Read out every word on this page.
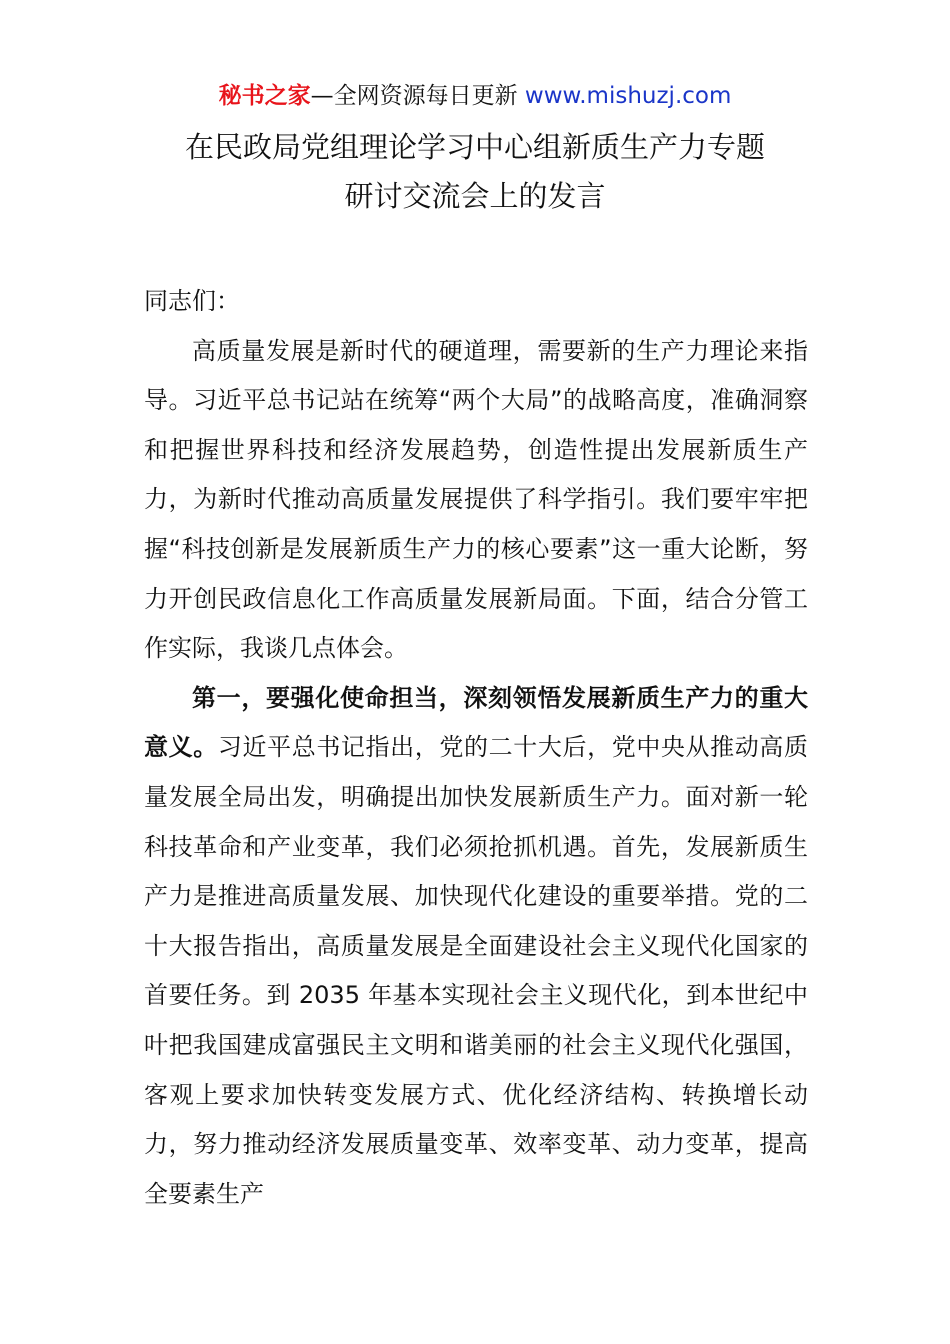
秘书之家—全网资源每日更新 www.mishuzj.com
在民政局党组理论学习中心组新质生产力专题
研讨交流会上的发言

同志们：

高质量发展是新时代的硬道理，需要新的生产力理论来指导。习近平总书记站在统筹“两个大局”的战略高度，准确洞察和把握世界科技和经济发展趋势，创造性提出发展新质生产力，为新时代推动高质量发展提供了科学指引。我们要牢牢把握“科技创新是发展新质生产力的核心要素”这一重大论断，努力开创民政信息化工作高质量发展新局面。下面，结合分管工作实际，我谈几点体会。

第一，要强化使命担当，深刻领悟发展新质生产力的重大意义。习近平总书记指出，党的二十大后，党中央从推动高质量发展全局出发，明确提出加快发展新质生产力。面对新一轮科技革命和产业变革，我们必须抢抓机遇。首先，发展新质生产力是推进高质量发展、加快现代化建设的重要举措。党的二十大报告指出，高质量发展是全面建设社会主义现代化国家的首要任务。到 2035 年基本实现社会主义现代化，到本世纪中叶把我国建成富强民主文明和谐美丽的社会主义现代化强国，客观上要求加快转变发展方式、优化经济结构、转换增长动力，努力推动经济发展质量变革、效率变革、动力变革，提高全要素生产
